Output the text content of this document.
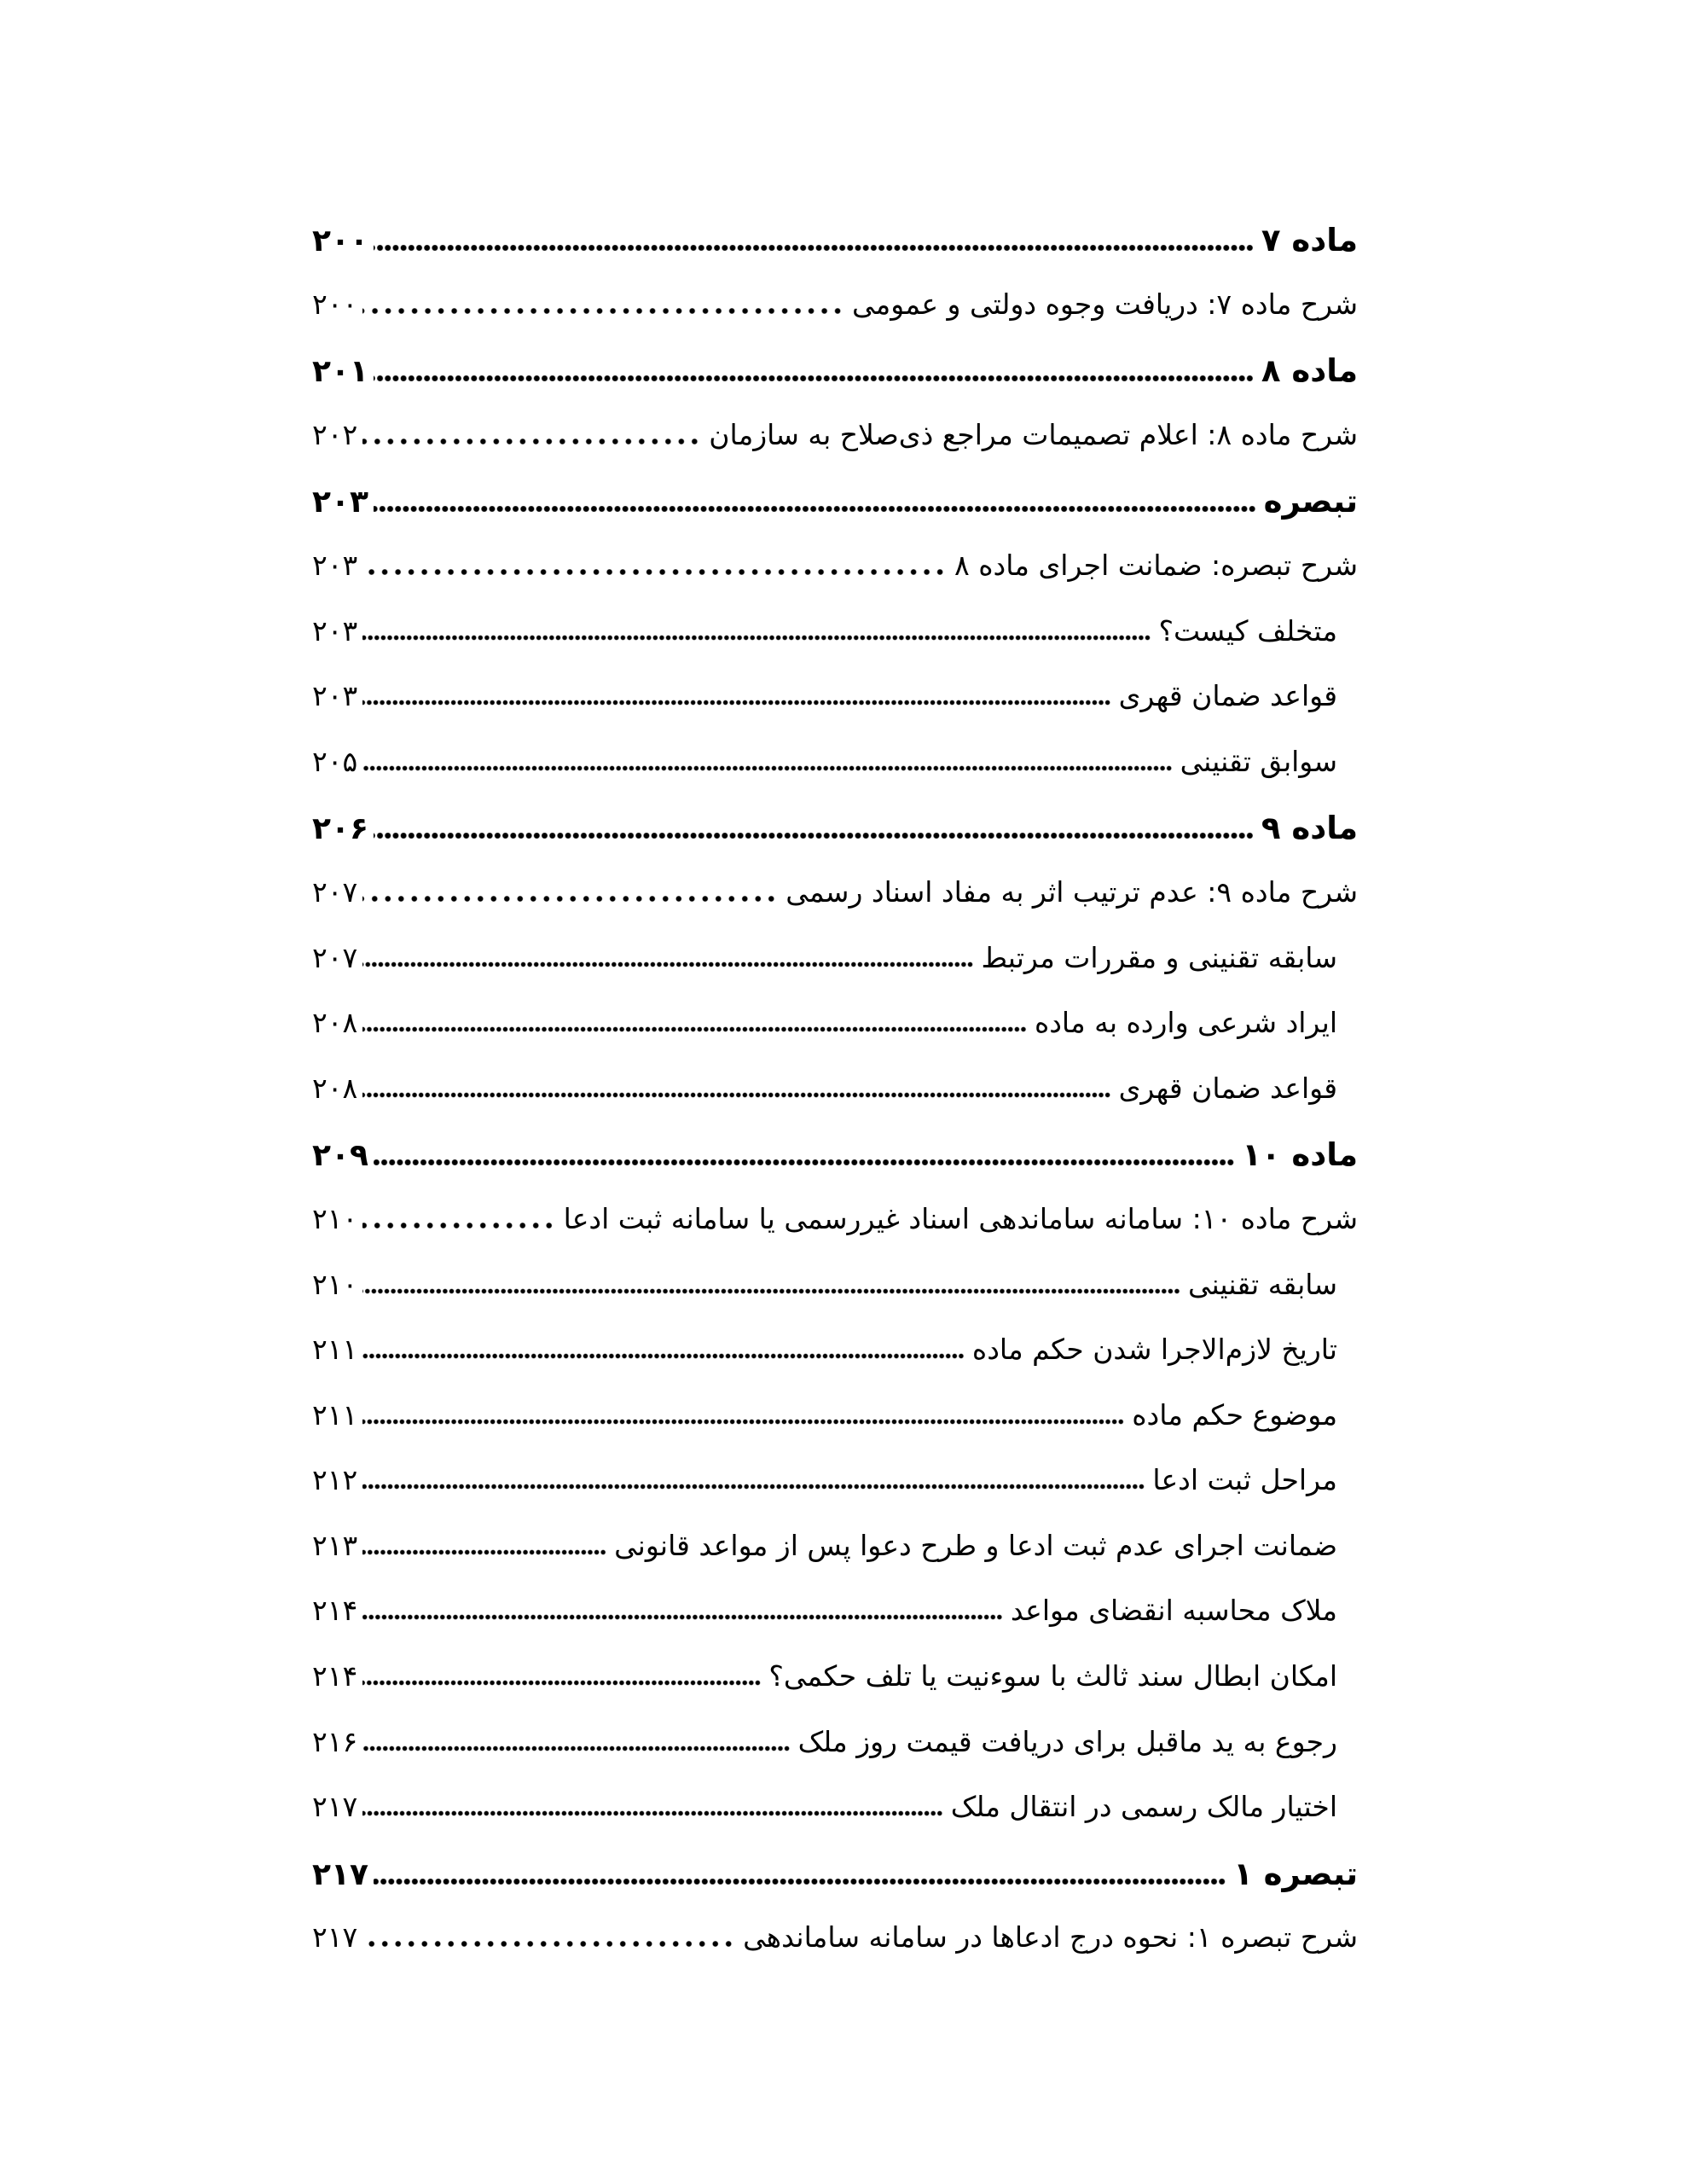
ماده ۷
۲۰۰
شرح ماده ۷: دریافت وجوه دولتی و عمومی
۲۰۰
ماده ۸
۲۰۱
شرح ماده ۸: اعلام تصمیمات مراجع ذی‌صلاح به سازمان
۲۰۲
تبصره
۲۰۳
شرح تبصره: ضمانت اجرای ماده ۸
۲۰۳
متخلف کیست؟
۲۰۳
قواعد ضمان قهری
۲۰۳
سوابق تقنینی
۲۰۵
ماده ۹
۲۰۶
شرح ماده ۹: عدم ترتیب اثر به مفاد اسناد رسمی
۲۰۷
سابقه تقنینی و مقررات مرتبط
۲۰۷
ایراد شرعی وارده به ماده
۲۰۸
قواعد ضمان قهری
۲۰۸
ماده ۱۰
۲۰۹
شرح ماده ۱۰: سامانه ساماندهی اسناد غیررسمی یا سامانه ثبت ادعا
۲۱۰
سابقه تقنینی
۲۱۰
تاریخ لازم‌الاجرا شدن حکم ماده
۲۱۱
موضوع حکم ماده
۲۱۱
مراحل ثبت ادعا
۲۱۲
ضمانت اجرای عدم ثبت ادعا و طرح دعوا پس از مواعد قانونی
۲۱۳
ملاک محاسبه انقضای مواعد
۲۱۴
امکان ابطال سند ثالث با سوءنیت یا تلف حکمی؟
۲۱۴
رجوع به ید ماقبل برای دریافت قیمت روز ملک
۲۱۶
اختیار مالک رسمی در انتقال ملک
۲۱۷
تبصره ۱
۲۱۷
شرح تبصره ۱: نحوه درج ادعاها در سامانه ساماندهی
۲۱۷
